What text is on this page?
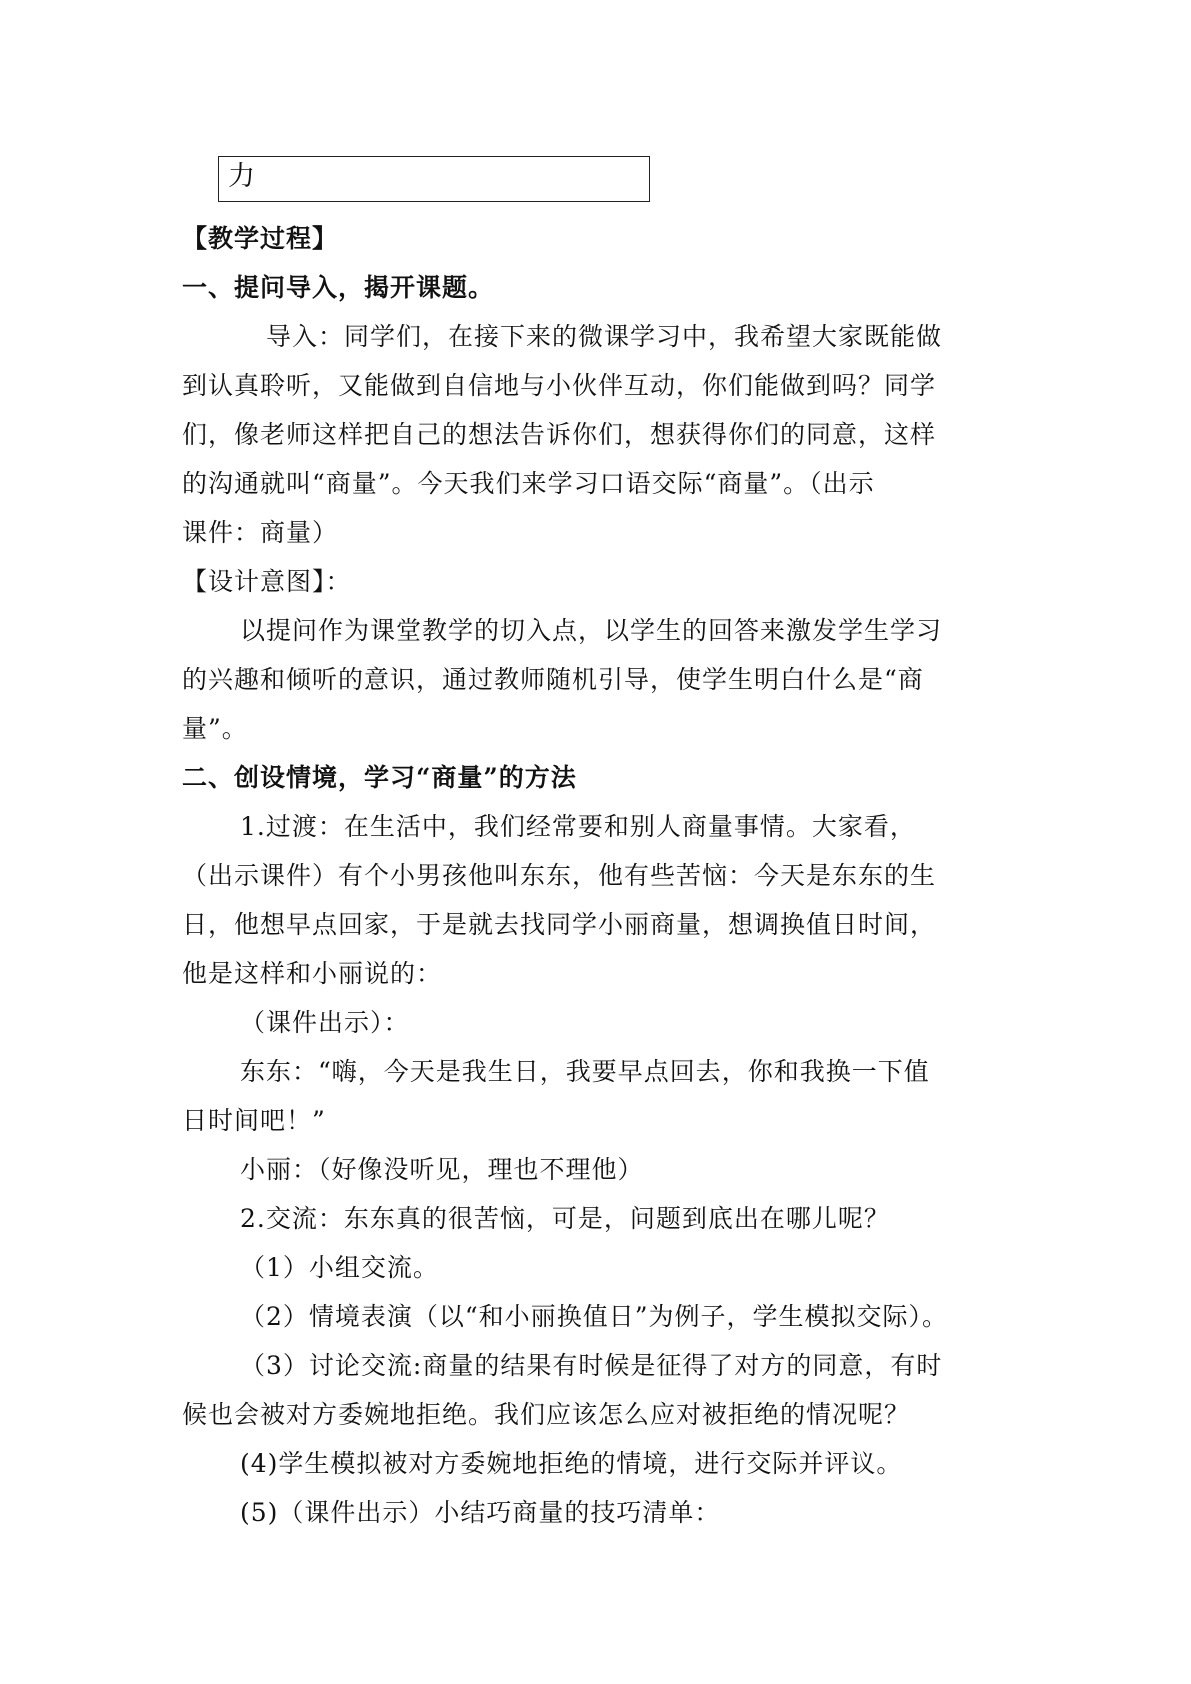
力
【教学过程】
一、提问导入，揭开课题。
导入：同学们，在接下来的微课学习中，我希望大家既能做
到认真聆听，又能做到自信地与小伙伴互动，你们能做到吗？同学
们，像老师这样把自己的想法告诉你们，想获得你们的同意，这样
的沟通就叫“商量”。今天我们来学习口语交际“商量”。（出示
课件：商量）
【设计意图】：
以提问作为课堂教学的切入点，以学生的回答来激发学生学习
的兴趣和倾听的意识，通过教师随机引导，使学生明白什么是“商
量”。
二、创设情境，学习“商量”的方法
1.过渡：在生活中，我们经常要和别人商量事情。大家看，
（出示课件）有个小男孩他叫东东，他有些苦恼：今天是东东的生
日，他想早点回家，于是就去找同学小丽商量，想调换值日时间，
他是这样和小丽说的：
（课件出示）：
东东：“嗨，今天是我生日，我要早点回去，你和我换一下值
日时间吧！”
小丽：（好像没听见，理也不理他）
2.交流：东东真的很苦恼，可是，问题到底出在哪儿呢？
（1）小组交流。
（2）情境表演（以“和小丽换值日”为例子，学生模拟交际）。
（3）讨论交流:商量的结果有时候是征得了对方的同意，有时
候也会被对方委婉地拒绝。我们应该怎么应对被拒绝的情况呢？
(4)学生模拟被对方委婉地拒绝的情境，进行交际并评议。
(5)（课件出示）小结巧商量的技巧清单：
